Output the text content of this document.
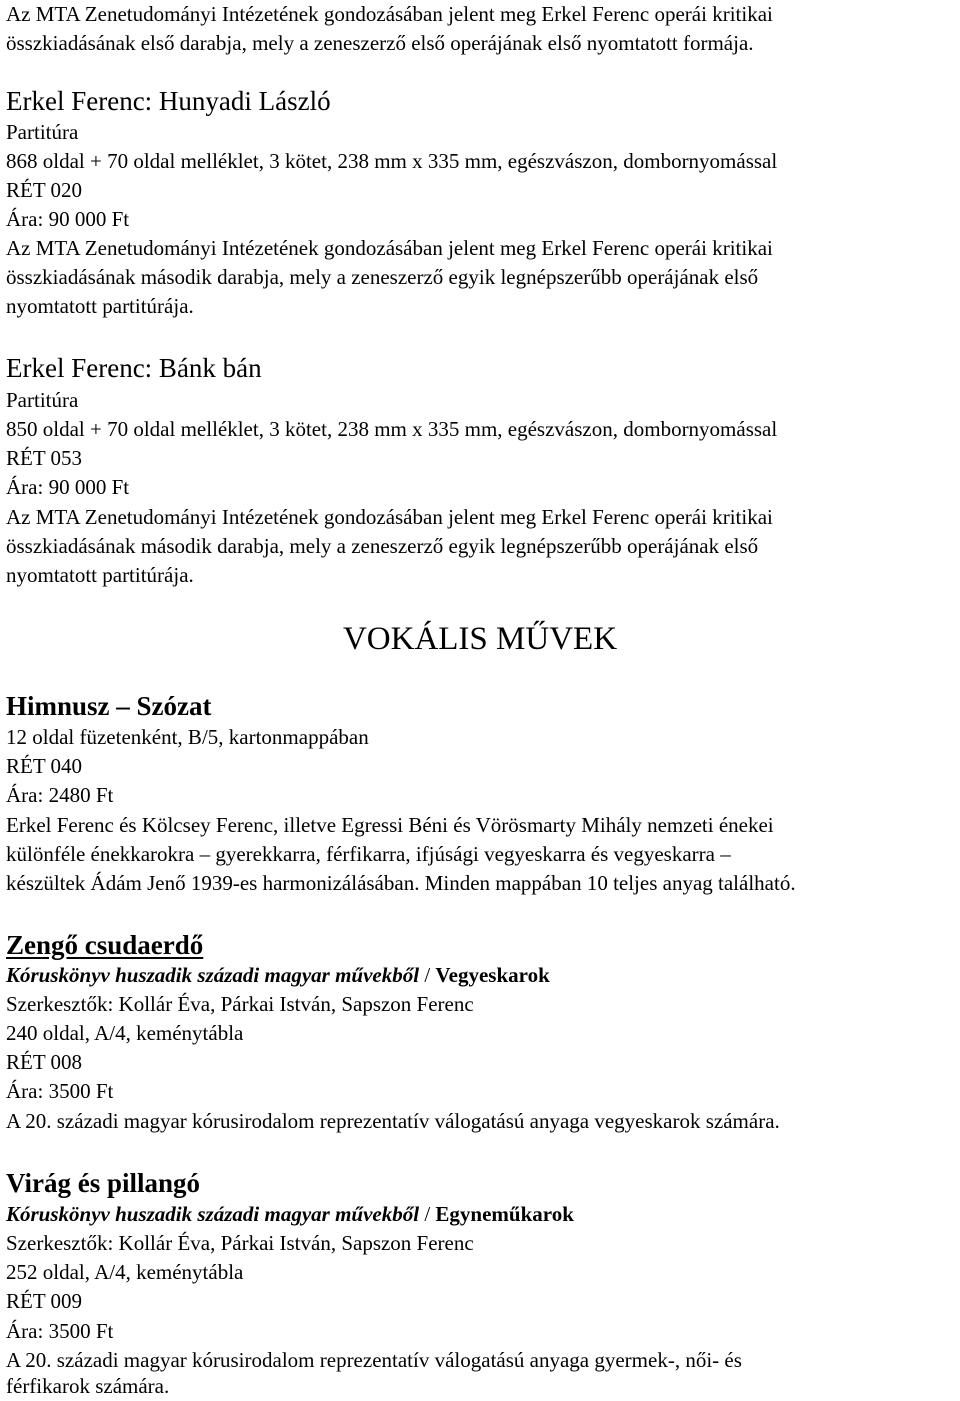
Az MTA Zenetudományi Intézetének gondozásában jelent meg Erkel Ferenc operái kritikai
összkiadásának első darabja, mely a zeneszerző első operájának első nyomtatott formája.
Erkel Ferenc: Hunyadi László
Partitúra
868 oldal + 70 oldal melléklet, 3 kötet, 238 mm x 335 mm, egészvászon, dombornyomással
RÉT 020
Ára: 90 000 Ft
Az MTA Zenetudományi Intézetének gondozásában jelent meg Erkel Ferenc operái kritikai
összkiadásának második darabja, mely a zeneszerző egyik legnépszerűbb operájának első
nyomtatott partitúrája.
Erkel Ferenc: Bánk bán
Partitúra
850 oldal + 70 oldal melléklet, 3 kötet, 238 mm x 335 mm, egészvászon, dombornyomással
RÉT 053
Ára: 90 000 Ft
Az MTA Zenetudományi Intézetének gondozásában jelent meg Erkel Ferenc operái kritikai
összkiadásának második darabja, mely a zeneszerző egyik legnépszerűbb operájának első
nyomtatott partitúrája.
VOKÁLIS MŰVEK
Himnusz – Szózat
12 oldal füzetenként, B/5, kartonmappában
RÉT 040
Ára: 2480 Ft
Erkel Ferenc és Kölcsey Ferenc, illetve Egressi Béni és Vörösmarty Mihály nemzeti énekei
különféle énekkarokra – gyerekkarra, férfikarra, ifjúsági vegyeskarra és vegyeskarra –
készültek Ádám Jenő 1939-es harmonizálásában. Minden mappában 10 teljes anyag található.
Zengő csudaerdő
Kóruskönyv huszadik századi magyar művekből / Vegyeskarok
Szerkesztők: Kollár Éva, Párkai István, Sapszon Ferenc
240 oldal, A/4, keménytábla
RÉT 008
Ára: 3500 Ft
A 20. századi magyar kórusirodalom reprezentatív válogatású anyaga vegyeskarok számára.
Virág és pillangó
Kóruskönyv huszadik századi magyar művekből / Egyneműkarok
Szerkesztők: Kollár Éva, Párkai István, Sapszon Ferenc
252 oldal, A/4, keménytábla
RÉT 009
Ára: 3500 Ft
A 20. századi magyar kórusirodalom reprezentatív válogatású anyaga gyermek-, női- és
férfikarok számára.
